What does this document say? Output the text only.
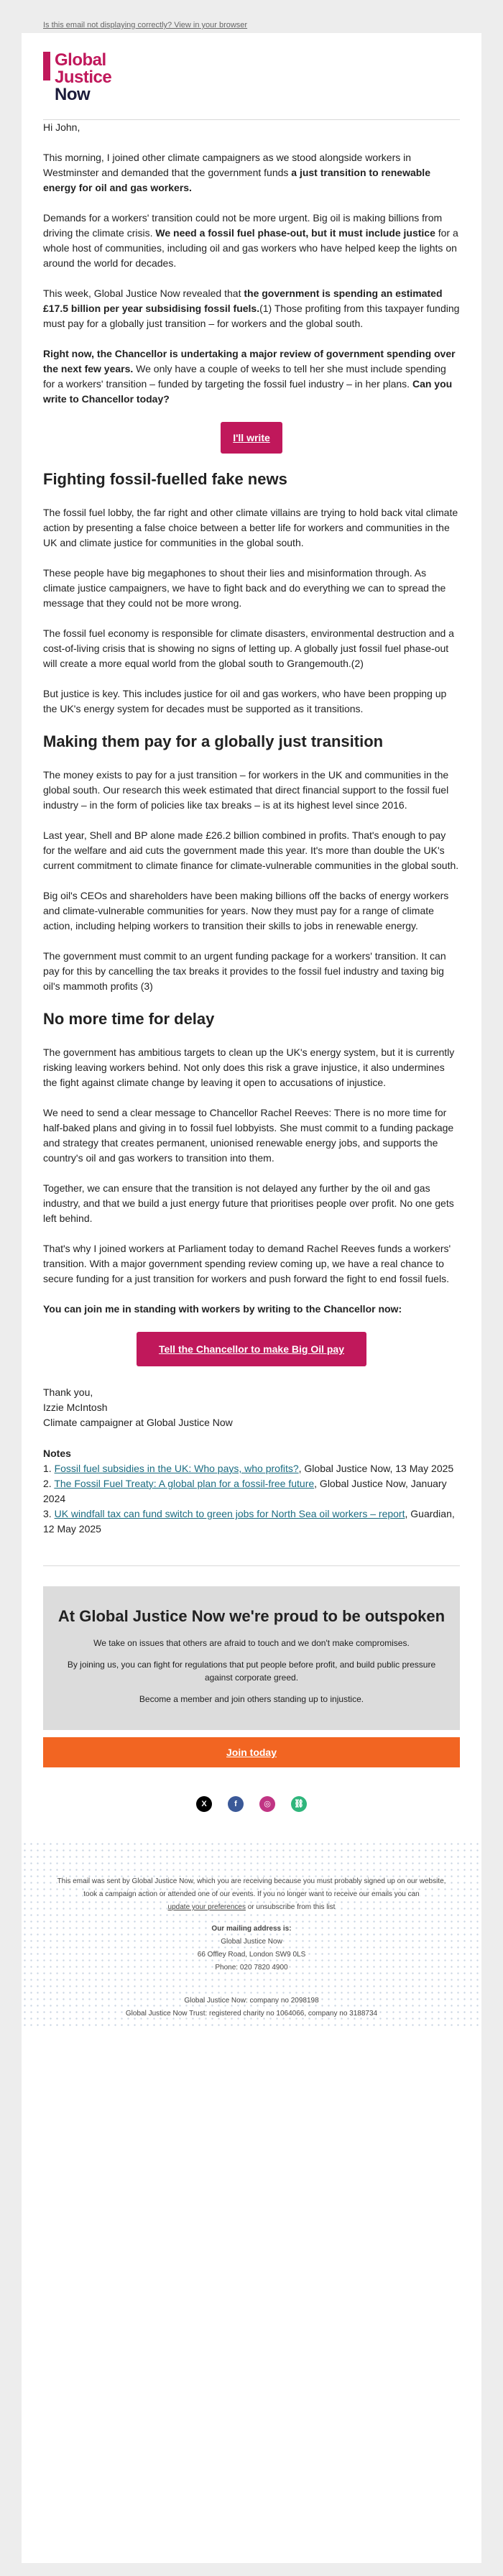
Is this email not displaying correctly? View in your browser
Global
Justice
Now

Hi John,

This morning, I joined other climate campaigners as we stood alongside workers in Westminster and demanded that the government funds a just transition to renewable energy for oil and gas workers.

Demands for a workers' transition could not be more urgent. Big oil is making billions from driving the climate crisis. We need a fossil fuel phase-out, but it must include justice for a whole host of communities, including oil and gas workers who have helped keep the lights on around the world for decades.

This week, Global Justice Now revealed that the government is spending an estimated £17.5 billion per year subsidising fossil fuels.(1) Those profiting from this taxpayer funding must pay for a globally just transition – for workers and the global south.

Right now, the Chancellor is undertaking a major review of government spending over the next few years. We only have a couple of weeks to tell her she must include spending for a workers' transition – funded by targeting the fossil fuel industry – in her plans. Can you write to Chancellor today?

I'll write
Fighting fossil-fuelled fake news

The fossil fuel lobby, the far right and other climate villains are trying to hold back vital climate action by presenting a false choice between a better life for workers and communities in the UK and climate justice for communities in the global south.

These people have big megaphones to shout their lies and misinformation through. As climate justice campaigners, we have to fight back and do everything we can to spread the message that they could not be more wrong.

The fossil fuel economy is responsible for climate disasters, environmental destruction and a cost-of-living crisis that is showing no signs of letting up. A globally just fossil fuel phase-out will create a more equal world from the global south to Grangemouth.(2)

But justice is key. This includes justice for oil and gas workers, who have been propping up the UK's energy system for decades must be supported as it transitions.

Making them pay for a globally just transition

The money exists to pay for a just transition – for workers in the UK and communities in the global south. Our research this week estimated that direct financial support to the fossil fuel industry – in the form of policies like tax breaks – is at its highest level since 2016.

Last year, Shell and BP alone made £26.2 billion combined in profits. That's enough to pay for the welfare and aid cuts the government made this year. It's more than double the UK's current commitment to climate finance for climate-vulnerable communities in the global south.

Big oil's CEOs and shareholders have been making billions off the backs of energy workers and climate-vulnerable communities for years. Now they must pay for a range of climate action, including helping workers to transition their skills to jobs in renewable energy.

The government must commit to an urgent funding package for a workers' transition. It can pay for this by cancelling the tax breaks it provides to the fossil fuel industry and taxing big oil's mammoth profits (3)

No more time for delay

The government has ambitious targets to clean up the UK's energy system, but it is currently risking leaving workers behind. Not only does this risk a grave injustice, it also undermines the fight against climate change by leaving it open to accusations of injustice.

We need to send a clear message to Chancellor Rachel Reeves: There is no more time for half-baked plans and giving in to fossil fuel lobbyists. She must commit to a funding package and strategy that creates permanent, unionised renewable energy jobs, and supports the country's oil and gas workers to transition into them.

Together, we can ensure that the transition is not delayed any further by the oil and gas industry, and that we build a just energy future that prioritises people over profit. No one gets left behind.

That's why I joined workers at Parliament today to demand Rachel Reeves funds a workers' transition. With a major government spending review coming up, we have a real chance to secure funding for a just transition for workers and push forward the fight to end fossil fuels.

You can join me in standing with workers by writing to the Chancellor now:

Tell the Chancellor to make Big Oil pay
Thank you,
Izzie McIntosh
Climate campaigner at Global Justice Now
Notes
1. Fossil fuel subsidies in the UK: Who pays, who profits?, Global Justice Now, 13 May 2025
2. The Fossil Fuel Treaty: A global plan for a fossil-free future, Global Justice Now, January 2024
3. UK windfall tax can fund switch to green jobs for North Sea oil workers – report, Guardian, 12 May 2025
At Global Justice Now we're proud to be outspoken

We take on issues that others are afraid to touch and we don't make compromises.

By joining us, you can fight for regulations that put people before profit, and build public pressure against corporate greed.

Become a member and join others standing up to injustice.

Join today
X	f	◎	⛓
This email was sent by Global Justice Now, which you are receiving because you must probably signed up on our website, took a campaign action or attended one of our events. If you no longer want to receive our emails you can
update your preferences or unsubscribe from this list
Our mailing address is:
Global Justice Now
66 Offley Road, London SW9 0LS
Phone: 020 7820 4900
Global Justice Now: company no 2098198
Global Justice Now Trust: registered charity no 1064066, company no 3188734
